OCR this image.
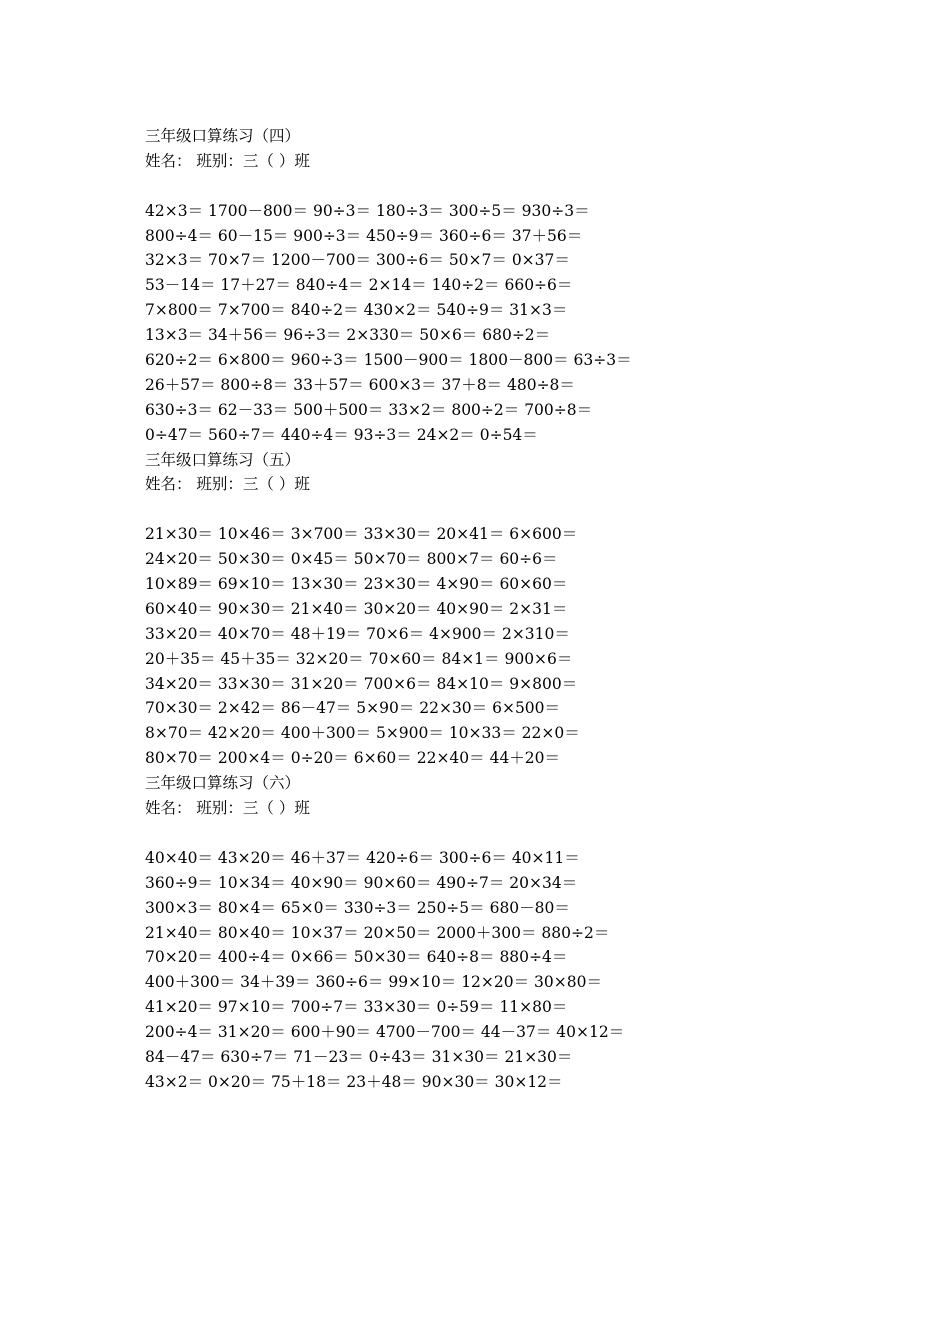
三年级口算练习（四）
姓名： 班别：三（ ）班
42×3＝ 1700－800＝ 90÷3＝ 180÷3＝ 300÷5＝ 930÷3＝
800÷4＝ 60－15＝ 900÷3＝ 450÷9＝ 360÷6＝ 37＋56＝
32×3＝ 70×7＝ 1200－700＝ 300÷6＝ 50×7＝ 0×37＝
53－14＝ 17＋27＝ 840÷4＝ 2×14＝ 140÷2＝ 660÷6＝
7×800＝ 7×700＝ 840÷2＝ 430×2＝ 540÷9＝ 31×3＝
13×3＝ 34＋56＝ 96÷3＝ 2×330＝ 50×6＝ 680÷2＝
620÷2＝ 6×800＝ 960÷3＝ 1500－900＝ 1800－800＝ 63÷3＝
26＋57＝ 800÷8＝ 33＋57＝ 600×3＝ 37＋8＝ 480÷8＝
630÷3＝ 62－33＝ 500＋500＝ 33×2＝ 800÷2＝ 700÷8＝
0÷47＝ 560÷7＝ 440÷4＝ 93÷3＝ 24×2＝ 0÷54＝
三年级口算练习（五）
姓名： 班别：三（ ）班
21×30＝ 10×46＝ 3×700＝ 33×30＝ 20×41＝ 6×600＝
24×20＝ 50×30＝ 0×45＝ 50×70＝ 800×7＝ 60÷6＝
10×89＝ 69×10＝ 13×30＝ 23×30＝ 4×90＝ 60×60＝
60×40＝ 90×30＝ 21×40＝ 30×20＝ 40×90＝ 2×31＝
33×20＝ 40×70＝ 48＋19＝ 70×6＝ 4×900＝ 2×310＝
20＋35＝ 45＋35＝ 32×20＝ 70×60＝ 84×1＝ 900×6＝
34×20＝ 33×30＝ 31×20＝ 700×6＝ 84×10＝ 9×800＝
70×30＝ 2×42＝ 86－47＝ 5×90＝ 22×30＝ 6×500＝
8×70＝ 42×20＝ 400＋300＝ 5×900＝ 10×33＝ 22×0＝
80×70＝ 200×4＝ 0÷20＝ 6×60＝ 22×40＝ 44＋20＝
三年级口算练习（六）
姓名： 班别：三（ ）班
40×40＝ 43×20＝ 46＋37＝ 420÷6＝ 300÷6＝ 40×11＝
360÷9＝ 10×34＝ 40×90＝ 90×60＝ 490÷7＝ 20×34＝
300×3＝ 80×4＝ 65×0＝ 330÷3＝ 250÷5＝ 680－80＝
21×40＝ 80×40＝ 10×37＝ 20×50＝ 2000＋300＝ 880÷2＝
70×20＝ 400÷4＝ 0×66＝ 50×30＝ 640÷8＝ 880÷4＝
400＋300＝ 34＋39＝ 360÷6＝ 99×10＝ 12×20＝ 30×80＝
41×20＝ 97×10＝ 700÷7＝ 33×30＝ 0÷59＝ 11×80＝
200÷4＝ 31×20＝ 600＋90＝ 4700－700＝ 44－37＝ 40×12＝
84－47＝ 630÷7＝ 71－23＝ 0÷43＝ 31×30＝ 21×30＝
43×2＝ 0×20＝ 75＋18＝ 23＋48＝ 90×30＝ 30×12＝
